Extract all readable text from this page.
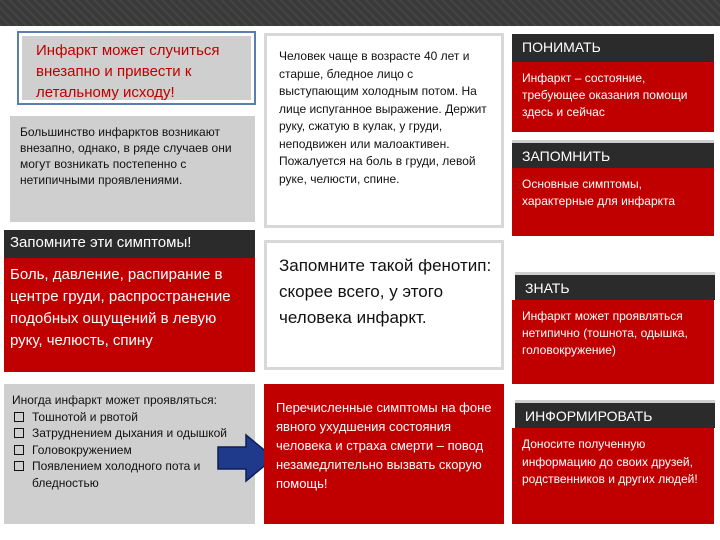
Инфаркт может случиться внезапно и привести к летальному исходу!
Большинство инфарктов возникают внезапно, однако, в ряде случаев они могут возникать постепенно с нетипичными проявлениями.
Запомните эти симптомы!
Боль, давление, распирание в центре груди, распространение подобных ощущений в левую руку, челюсть, спину
Иногда инфаркт может проявляться:
Тошнотой и рвотой
Затруднением дыхания и одышкой
Головокружением
Появлением холодного пота и бледностью
Человек чаще в возрасте 40 лет и старше, бледное лицо с выступающим холодным потом. На лице испуганное выражение. Держит руку, сжатую в кулак, у груди, неподвижен или малоактивен. Пожалуется на боль в груди, левой руке, челюсти, спине.
Запомните такой фенотип: скорее всего, у этого человека инфаркт.
Перечисленные симптомы на фоне явного ухудшения состояния человека и страха смерти – повод незамедлительно вызвать скорую помощь!
ПОНИМАТЬ
Инфаркт – состояние, требующее оказания помощи здесь и сейчас
ЗАПОМНИТЬ
Основные симптомы, характерные для инфаркта
ЗНАТЬ
Инфаркт может проявляться нетипично (тошнота, одышка, головокружение)
ИНФОРМИРОВАТЬ
Доносите полученную информацию до своих друзей, родственников и других людей!
